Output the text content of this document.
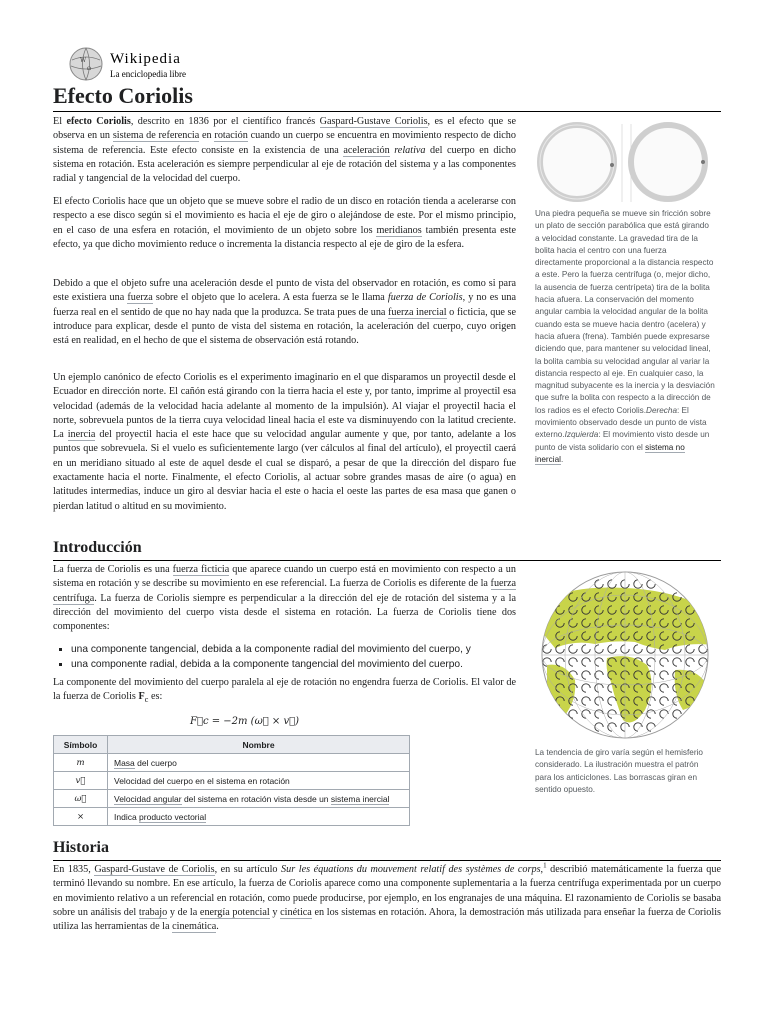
W
Ω
Wikipedia
La enciclopedia libre
Efecto Coriolis

El efecto Coriolis, descrito en 1836 por el científico francés Gaspard-Gustave Coriolis, es el efecto que se observa en un sistema de referencia en rotación cuando un cuerpo se encuentra en movimiento respecto de dicho sistema de referencia. Este efecto consiste en la existencia de una aceleración relativa del cuerpo en dicho sistema en rotación. Esta aceleración es siempre perpendicular al eje de rotación del sistema y a las componentes radial y tangencial de la velocidad del cuerpo.

El efecto Coriolis hace que un objeto que se mueve sobre el radio de un disco en rotación tienda a acelerarse con respecto a ese disco según si el movimiento es hacia el eje de giro o alejándose de este. Por el mismo principio, en el caso de una esfera en rotación, el movimiento de un objeto sobre los meridianos también presenta este efecto, ya que dicho movimiento reduce o incrementa la distancia respecto al eje de giro de la esfera.

Debido a que el objeto sufre una aceleración desde el punto de vista del observador en rotación, es como si para este existiera una fuerza sobre el objeto que lo acelera. A esta fuerza se le llama fuerza de Coriolis, y no es una fuerza real en el sentido de que no hay nada que la produzca. Se trata pues de una fuerza inercial o ficticia, que se introduce para explicar, desde el punto de vista del sistema en rotación, la aceleración del cuerpo, cuyo origen está en realidad, en el hecho de que el sistema de observación está rotando.

Un ejemplo canónico de efecto Coriolis es el experimento imaginario en el que disparamos un proyectil desde el Ecuador en dirección norte. El cañón está girando con la tierra hacia el este y, por tanto, imprime al proyectil esa velocidad (además de la velocidad hacia adelante al momento de la impulsión). Al viajar el proyectil hacia el norte, sobrevuela puntos de la tierra cuya velocidad lineal hacia el este va disminuyendo con la latitud creciente. La inercia del proyectil hacia el este hace que su velocidad angular aumente y que, por tanto, adelante a los puntos que sobrevuela. Si el vuelo es suficientemente largo (ver cálculos al final del artículo), el proyectil caerá en un meridiano situado al este de aquel desde el cual se disparó, a pesar de que la dirección del disparo fue exactamente hacia el norte. Finalmente, el efecto Coriolis, al actuar sobre grandes masas de aire (o agua) en latitudes intermedias, induce un giro al desviar hacia el este o hacia el oeste las partes de esa masa que ganen o pierdan latitud o altitud en su movimiento.

Una piedra pequeña se mueve sin fricción sobre un plato de sección parabólica que está girando a velocidad constante. La gravedad tira de la bolita hacia el centro con una fuerza directamente proporcional a la distancia respecto a este. Pero la fuerza centrífuga (o, mejor dicho, la ausencia de fuerza centrípeta) tira de la bolita hacia afuera. La conservación del momento angular cambia la velocidad angular de la bolita cuando esta se mueve hacia dentro (acelera) y hacia afuera (frena). También puede expresarse diciendo que, para mantener su velocidad lineal, la bolita cambia su velocidad angular al variar la distancia respecto al eje. En cualquier caso, la magnitud subyacente es la inercia y la desviación que sufre la bolita con respecto a la dirección de los radios es el efecto Coriolis.Derecha: El movimiento observado desde un punto de vista externo.Izquierda: El movimiento visto desde un punto de vista solidario con el sistema no inercial.
Introducción

La fuerza de Coriolis es una fuerza ficticia que aparece cuando un cuerpo está en movimiento con respecto a un sistema en rotación y se describe su movimiento en ese referencial. La fuerza de Coriolis es diferente de la fuerza centrífuga. La fuerza de Coriolis siempre es perpendicular a la dirección del eje de rotación del sistema y a la dirección del movimiento del cuerpo vista desde el sistema en rotación. La fuerza de Coriolis tiene dos componentes:

▪ una componente tangencial, debida a la componente radial del movimiento del cuerpo, y
▪ una componente radial, debida a la componente tangencial del movimiento del cuerpo.

La componente del movimiento del cuerpo paralela al eje de rotación no engendra fuerza de Coriolis. El valor de la fuerza de Coriolis $F_c$ es:

F⃗c = −2m (ω⃗ × v⃗)
Símbolo	Nombre
m	Masa del cuerpo
v⃗	Velocidad del cuerpo en el sistema en rotación
ω⃗	Velocidad angular del sistema en rotación vista desde un sistema inercial
×	Indica producto vectorial
La tendencia de giro varía según el hemisferio considerado. La ilustración muestra el patrón para los anticiclones. Las borrascas giran en sentido opuesto.
Historia

En 1835, Gaspard-Gustave de Coriolis, en su artículo Sur les équations du mouvement relatif des systèmes de corps,$^1$ describió matemáticamente la fuerza que terminó llevando su nombre. En ese artículo, la fuerza de Coriolis aparece como una componente suplementaria a la fuerza centrífuga experimentada por un cuerpo en movimiento relativo a un referencial en rotación, como puede producirse, por ejemplo, en los engranajes de una máquina. El razonamiento de Coriolis se basaba sobre un análisis del trabajo y de la energía potencial y cinética en los sistemas en rotación. Ahora, la demostración más utilizada para enseñar la fuerza de Coriolis utiliza las herramientas de la cinemática.
